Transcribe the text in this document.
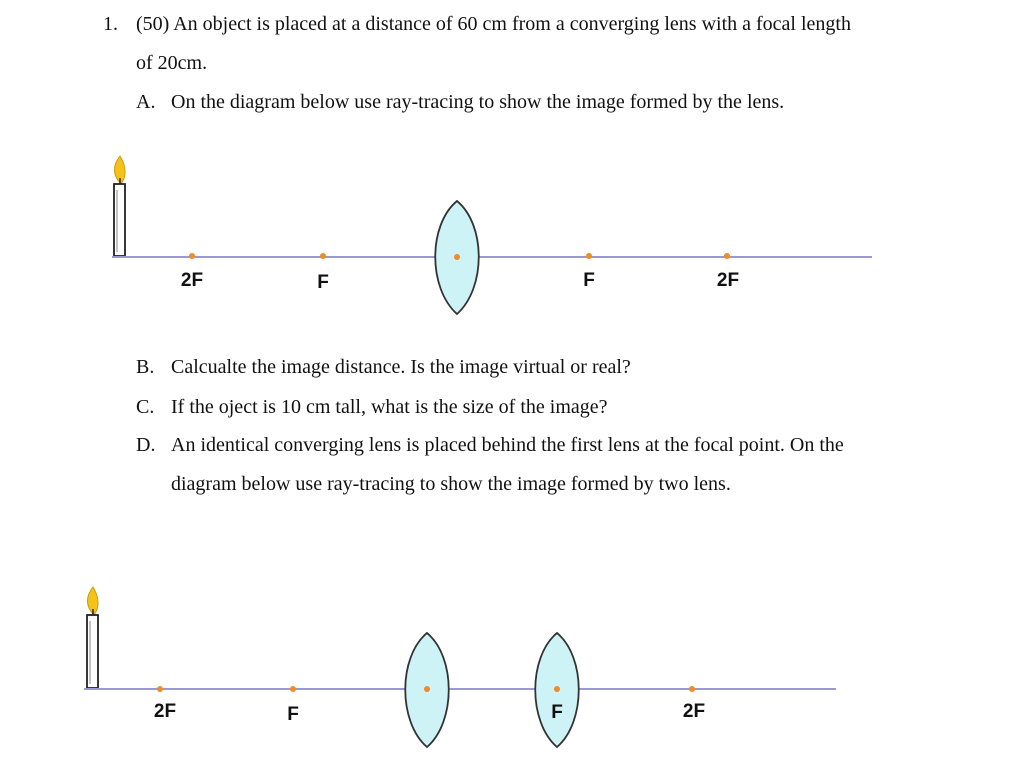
1. (50) An object is placed at a distance of 60 cm from a converging lens with a focal length
of 20cm.
A. On the diagram below use ray-tracing to show the image formed by the lens.
2F	F	F	2F
2F	F	F	2F
B. Calcualte the image distance. Is the image virtual or real?
C. If the oject is 10 cm tall, what is the size of the image?
D. An identical converging lens is placed behind the first lens at the focal point. On the
diagram below use ray-tracing to show the image formed by two lens.
